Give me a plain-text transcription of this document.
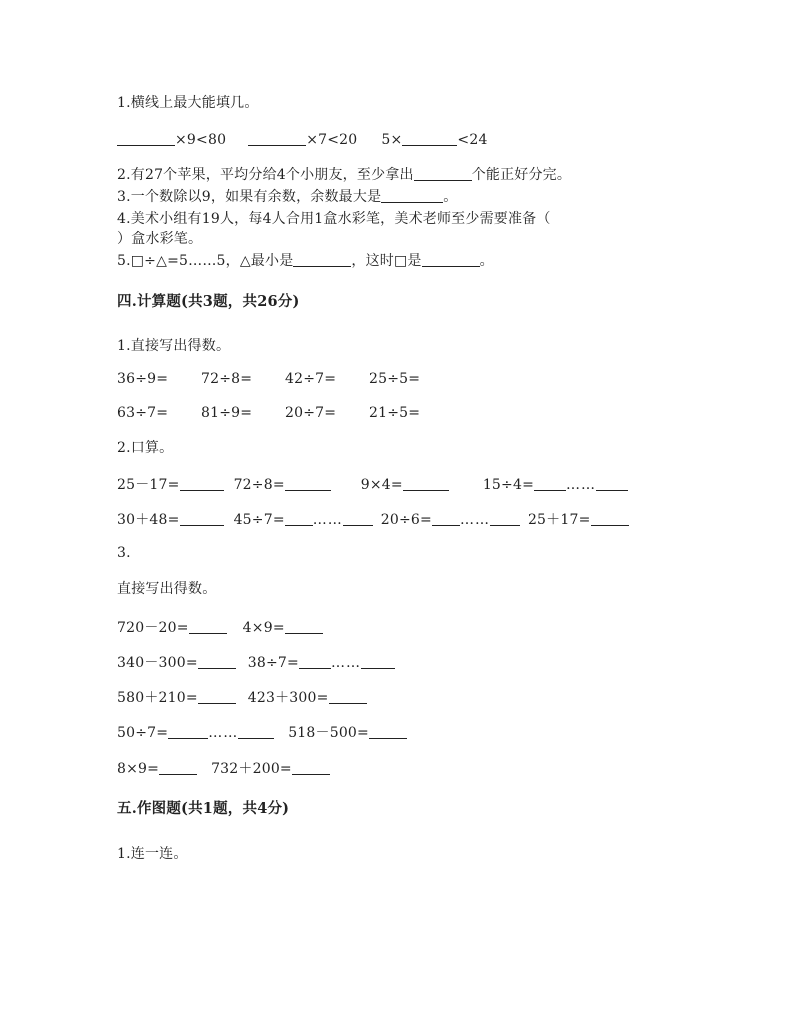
1.横线上最大能填几。
×9<80	×7<20 5×	<24
2.有27个苹果，平均分给4个小朋友，至少拿出	个能正好分完。
3.一个数除以9，如果有余数，余数最大是	。
4.美术小组有19人，每4人合用1盒水彩笔，美术老师至少需要准备（
）盒水彩笔。
5.□÷△=5……5，△最小是	，这时□是	。
四.计算题(共3题，共26分)
1.直接写出得数。
36÷9= 72÷8= 42÷7= 25÷5=
63÷7= 81÷9= 20÷7= 21÷5=
2.口算。
25－17=	72÷8=	9×4=	15÷4= ……
30＋48=	45÷7= ……	20÷6= ……	25＋17=
3.
直接写出得数。
720－20=	4×9=
340－300=	38÷7= ……
580＋210=	423＋300=
50÷7=	……	518－500=
8×9=	732＋200=
五.作图题(共1题，共4分)
1.连一连。
